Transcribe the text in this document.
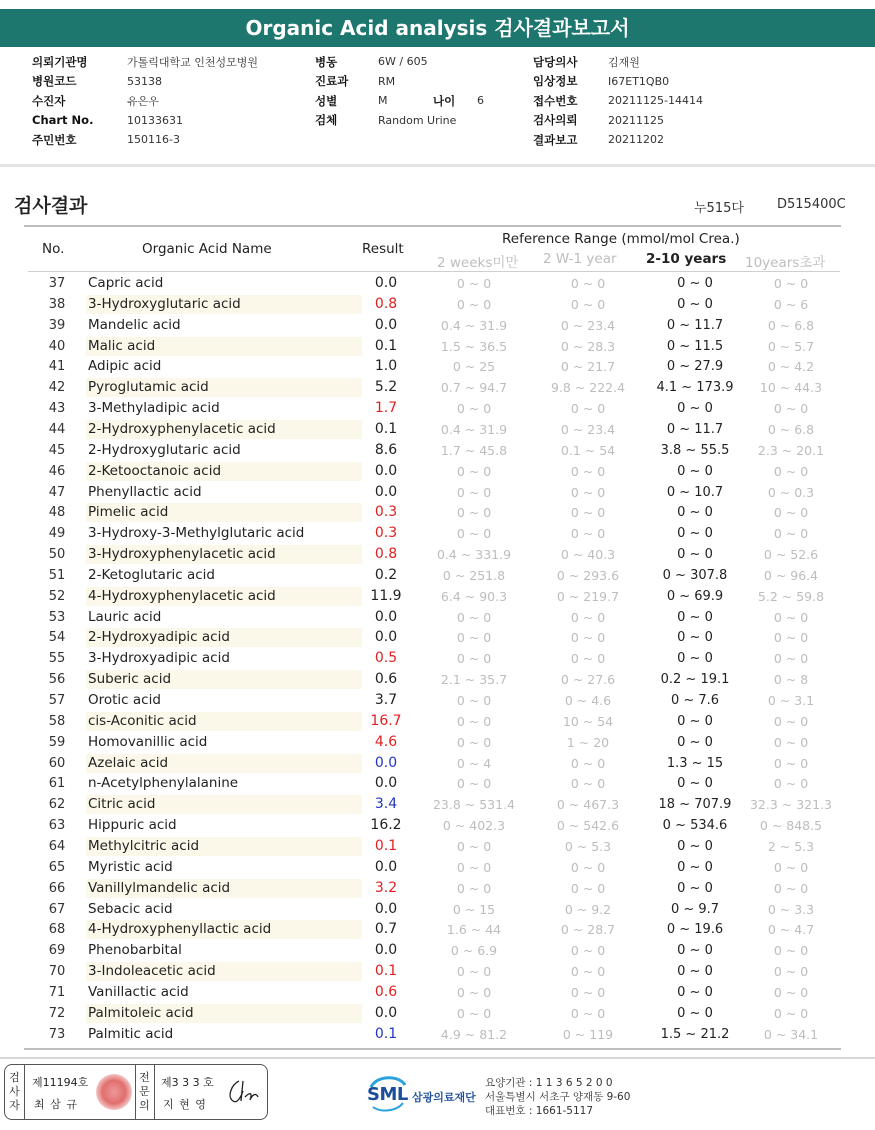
Organic Acid analysis 검사결과보고서
의뢰기관명	가톨릭대학교 인천성모병원
병원코드	53138
수진자	유은우
Chart No.	10133631
주민번호	150116-3
병동	6W / 605
진료과	RM
성별	M	나이	6
검체	Random Urine
담당의사	김재원
임상정보	I67ET1QB0
접수번호	20211125-14414
검사의뢰	20211125
결과보고	20211202
검사결과	누515다	D515400C
No.	Organic Acid Name	Result
Reference Range (mmol/mol Crea.)
2 weeks미만 2 W-1 year 2-10 years 10years초과
37	Capric acid	0.0	0 ~ 0	0 ~ 0	0 ~ 0	0 ~ 0
38	3-Hydroxyglutaric acid	0.8	0 ~ 0	0 ~ 0	0 ~ 0	0 ~ 6
39	Mandelic acid	0.0	0.4 ~ 31.9	0 ~ 23.4	0 ~ 11.7	0 ~ 6.8
40	Malic acid	0.1	1.5 ~ 36.5	0 ~ 28.3	0 ~ 11.5	0 ~ 5.7
41	Adipic acid	1.0	0 ~ 25	0 ~ 21.7	0 ~ 27.9	0 ~ 4.2
42	Pyroglutamic acid	5.2	0.7 ~ 94.7	9.8 ~ 222.4	4.1 ~ 173.9	10 ~ 44.3
43	3-Methyladipic acid	1.7	0 ~ 0	0 ~ 0	0 ~ 0	0 ~ 0
44	2-Hydroxyphenylacetic acid	0.1	0.4 ~ 31.9	0 ~ 23.4	0 ~ 11.7	0 ~ 6.8
45	2-Hydroxyglutaric acid	8.6	1.7 ~ 45.8	0.1 ~ 54	3.8 ~ 55.5	2.3 ~ 20.1
46	2-Ketooctanoic acid	0.0	0 ~ 0	0 ~ 0	0 ~ 0	0 ~ 0
47	Phenyllactic acid	0.0	0 ~ 0	0 ~ 0	0 ~ 10.7	0 ~ 0.3
48	Pimelic acid	0.3	0 ~ 0	0 ~ 0	0 ~ 0	0 ~ 0
49	3-Hydroxy-3-Methylglutaric acid	0.3	0 ~ 0	0 ~ 0	0 ~ 0	0 ~ 0
50	3-Hydroxyphenylacetic acid	0.8	0.4 ~ 331.9	0 ~ 40.3	0 ~ 0	0 ~ 52.6
51	2-Ketoglutaric acid	0.2	0 ~ 251.8	0 ~ 293.6	0 ~ 307.8	0 ~ 96.4
52	4-Hydroxyphenylacetic acid	11.9	6.4 ~ 90.3	0 ~ 219.7	0 ~ 69.9	5.2 ~ 59.8
53	Lauric acid	0.0	0 ~ 0	0 ~ 0	0 ~ 0	0 ~ 0
54	2-Hydroxyadipic acid	0.0	0 ~ 0	0 ~ 0	0 ~ 0	0 ~ 0
55	3-Hydroxyadipic acid	0.5	0 ~ 0	0 ~ 0	0 ~ 0	0 ~ 0
56	Suberic acid	0.6	2.1 ~ 35.7	0 ~ 27.6	0.2 ~ 19.1	0 ~ 8
57	Orotic acid	3.7	0 ~ 0	0 ~ 4.6	0 ~ 7.6	0 ~ 3.1
58	cis-Aconitic acid	16.7	0 ~ 0	10 ~ 54	0 ~ 0	0 ~ 0
59	Homovanillic acid	4.6	0 ~ 0	1 ~ 20	0 ~ 0	0 ~ 0
60	Azelaic acid	0.0	0 ~ 4	0 ~ 0	1.3 ~ 15	0 ~ 0
61	n-Acetylphenylalanine	0.0	0 ~ 0	0 ~ 0	0 ~ 0	0 ~ 0
62	Citric acid	3.4	23.8 ~ 531.4	0 ~ 467.3	18 ~ 707.9	32.3 ~ 321.3
63	Hippuric acid	16.2	0 ~ 402.3	0 ~ 542.6	0 ~ 534.6	0 ~ 848.5
64	Methylcitric acid	0.1	0 ~ 0	0 ~ 5.3	0 ~ 0	2 ~ 5.3
65	Myristic acid	0.0	0 ~ 0	0 ~ 0	0 ~ 0	0 ~ 0
66	Vanillylmandelic acid	3.2	0 ~ 0	0 ~ 0	0 ~ 0	0 ~ 0
67	Sebacic acid	0.0	0 ~ 15	0 ~ 9.2	0 ~ 9.7	0 ~ 3.3
68	4-Hydroxyphenyllactic acid	0.7	1.6 ~ 44	0 ~ 28.7	0 ~ 19.6	0 ~ 4.7
69	Phenobarbital	0.0	0 ~ 6.9	0 ~ 0	0 ~ 0	0 ~ 0
70	3-Indoleacetic acid	0.1	0 ~ 0	0 ~ 0	0 ~ 0	0 ~ 0
71	Vanillactic acid	0.6	0 ~ 0	0 ~ 0	0 ~ 0	0 ~ 0
72	Palmitoleic acid	0.0	0 ~ 0	0 ~ 0	0 ~ 0	0 ~ 0
73	Palmitic acid	0.1	4.9 ~ 81.2	0 ~ 119	1.5 ~ 21.2	0 ~ 34.1
검사자
제11194호
최 삼 규
전문의
제3 3 3 호
지 현 영	SML 삼광의료재단
요양기관 : 1 1 3 6 5 2 0 0
서울특별시 서초구 양재동 9-60
대표번호 : 1661-5117
